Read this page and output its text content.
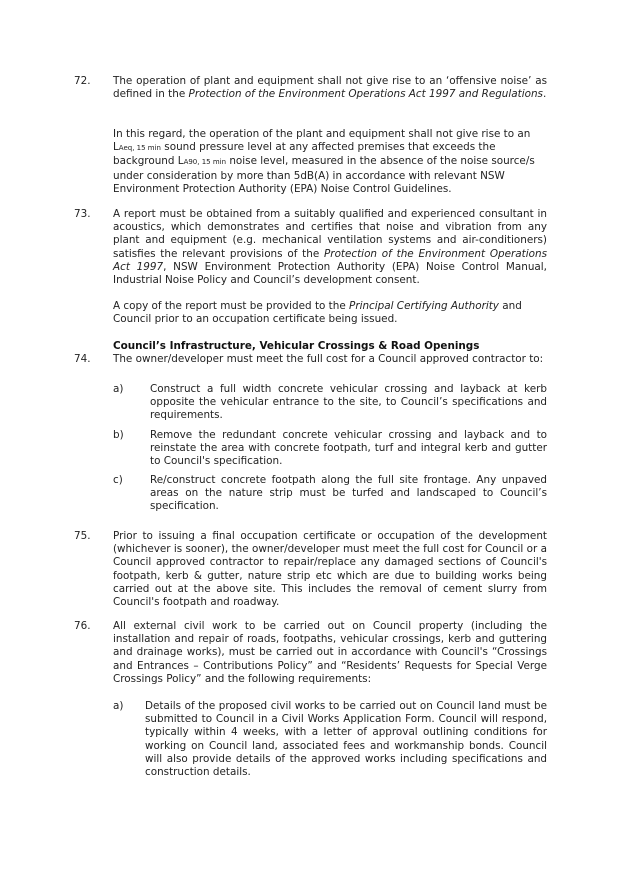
72. The operation of plant and equipment shall not give rise to an ‘offensive noise’ as defined in the Protection of the Environment Operations Act 1997 and Regulations.
In this regard, the operation of the plant and equipment shall not give rise to an LAeq, 15 min sound pressure level at any affected premises that exceeds the background LA90, 15 min noise level, measured in the absence of the noise source/s under consideration by more than 5dB(A) in accordance with relevant NSW Environment Protection Authority (EPA) Noise Control Guidelines.
73. A report must be obtained from a suitably qualified and experienced consultant in acoustics, which demonstrates and certifies that noise and vibration from any plant and equipment (e.g. mechanical ventilation systems and air-conditioners) satisfies the relevant provisions of the Protection of the Environment Operations Act 1997, NSW Environment Protection Authority (EPA) Noise Control Manual, Industrial Noise Policy and Council’s development consent.
A copy of the report must be provided to the Principal Certifying Authority and Council prior to an occupation certificate being issued.
Council’s Infrastructure, Vehicular Crossings & Road Openings
74. The owner/developer must meet the full cost for a Council approved contractor to:
a)	Construct a full width concrete vehicular crossing and layback at kerb opposite the vehicular entrance to the site, to Council’s specifications and requirements.
b)	Remove the redundant concrete vehicular crossing and layback and to reinstate the area with concrete footpath, turf and integral kerb and gutter to Council's specification.
c)	Re/construct concrete footpath along the full site frontage. Any unpaved areas on the nature strip must be turfed and landscaped to Council’s specification.
75. Prior to issuing a final occupation certificate or occupation of the development (whichever is sooner), the owner/developer must meet the full cost for Council or a Council approved contractor to repair/replace any damaged sections of Council's footpath, kerb & gutter, nature strip etc which are due to building works being carried out at the above site. This includes the removal of cement slurry from Council's footpath and roadway.
76. All external civil work to be carried out on Council property (including the installation and repair of roads, footpaths, vehicular crossings, kerb and guttering and drainage works), must be carried out in accordance with Council's “Crossings and Entrances – Contributions Policy” and “Residents’ Requests for Special Verge Crossings Policy” and the following requirements:
a) Details of the proposed civil works to be carried out on Council land must be submitted to Council in a Civil Works Application Form. Council will respond, typically within 4 weeks, with a letter of approval outlining conditions for working on Council land, associated fees and workmanship bonds. Council will also provide details of the approved works including specifications and construction details.
